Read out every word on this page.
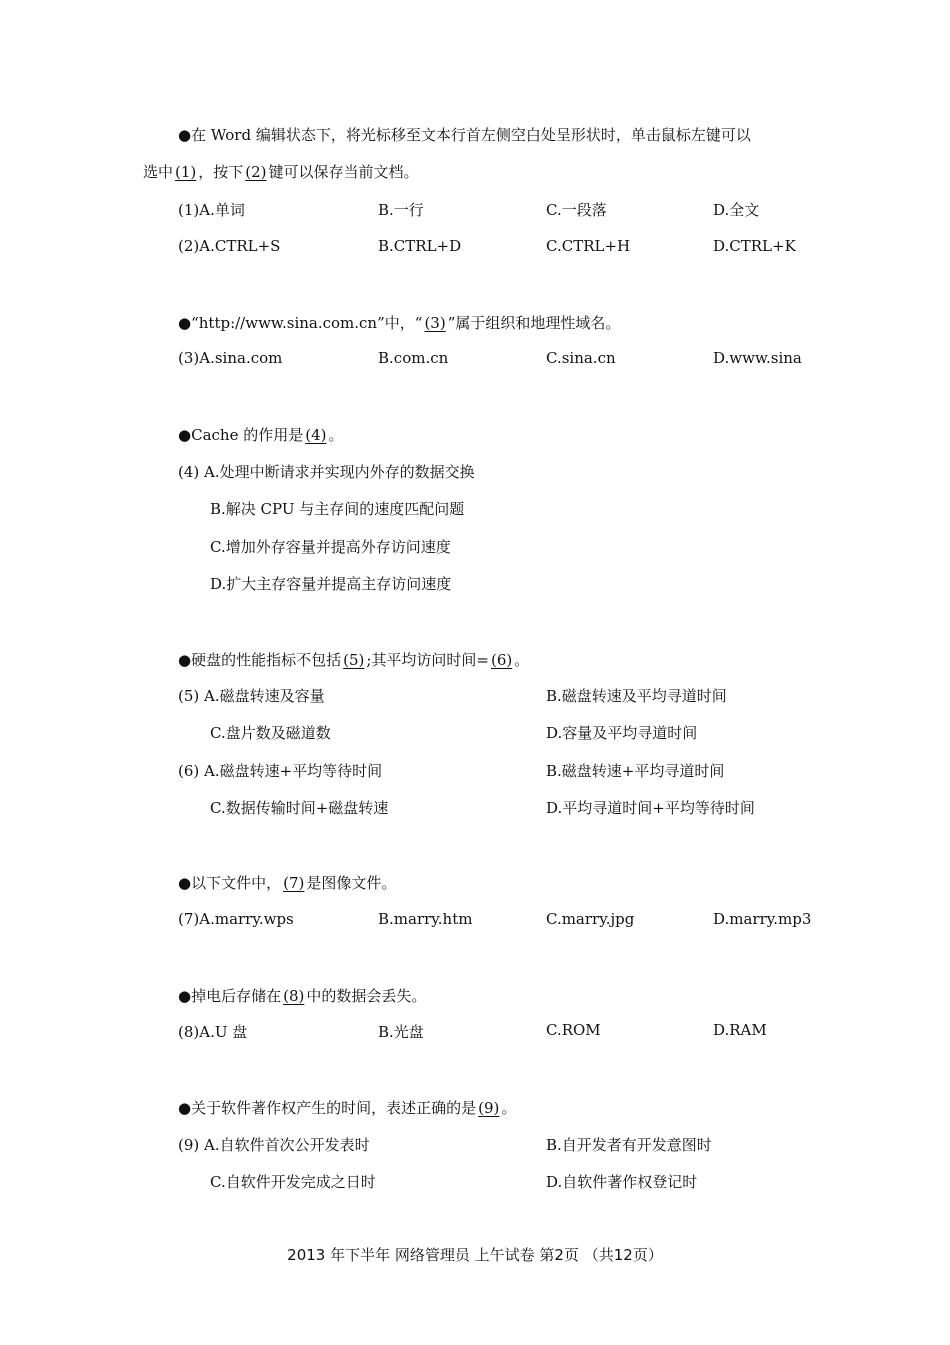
●在 Word 编辑状态下，将光标移至文本行首左侧空白处呈形状时，单击鼠标左键可以
选中 (1) ，按下 (2) 键可以保存当前文档。
(1)A.单词	B.一行	C.一段落	D.全文
(2)A.CTRL+S	B.CTRL+D	C.CTRL+H	D.CTRL+K
●“http://www.sina.com.cn”中，“ (3) ”属于组织和地理性域名。
(3)A.sina.com	B.com.cn	C.sina.cn	D.www.sina
●Cache 的作用是 (4) 。
(4) A.处理中断请求并实现内外存的数据交换
B.解决 CPU 与主存间的速度匹配问题
C.增加外存容量并提高外存访问速度
D.扩大主存容量并提高主存访问速度
●硬盘的性能指标不包括 (5) ;其平均访问时间= (6) 。
(5) A.磁盘转速及容量	B.磁盘转速及平均寻道时间
C.盘片数及磁道数	D.容量及平均寻道时间
(6) A.磁盘转速+平均等待时间	B.磁盘转速+平均寻道时间
C.数据传输时间+磁盘转速	D.平均寻道时间+平均等待时间
●以下文件中， (7) 是图像文件。
(7)A.marry.wps	B.marry.htm	C.marry.jpg	D.marry.mp3
●掉电后存储在 (8) 中的数据会丢失。
(8)A.U 盘	B.光盘	C.ROM	D.RAM
●关于软件著作权产生的时间，表述正确的是 (9) 。
(9) A.自软件首次公开发表时	B.自开发者有开发意图时
C.自软件开发完成之日时	D.自软件著作权登记时
2013 年下半年 网络管理员 上午试卷 第2页 （共12页）
